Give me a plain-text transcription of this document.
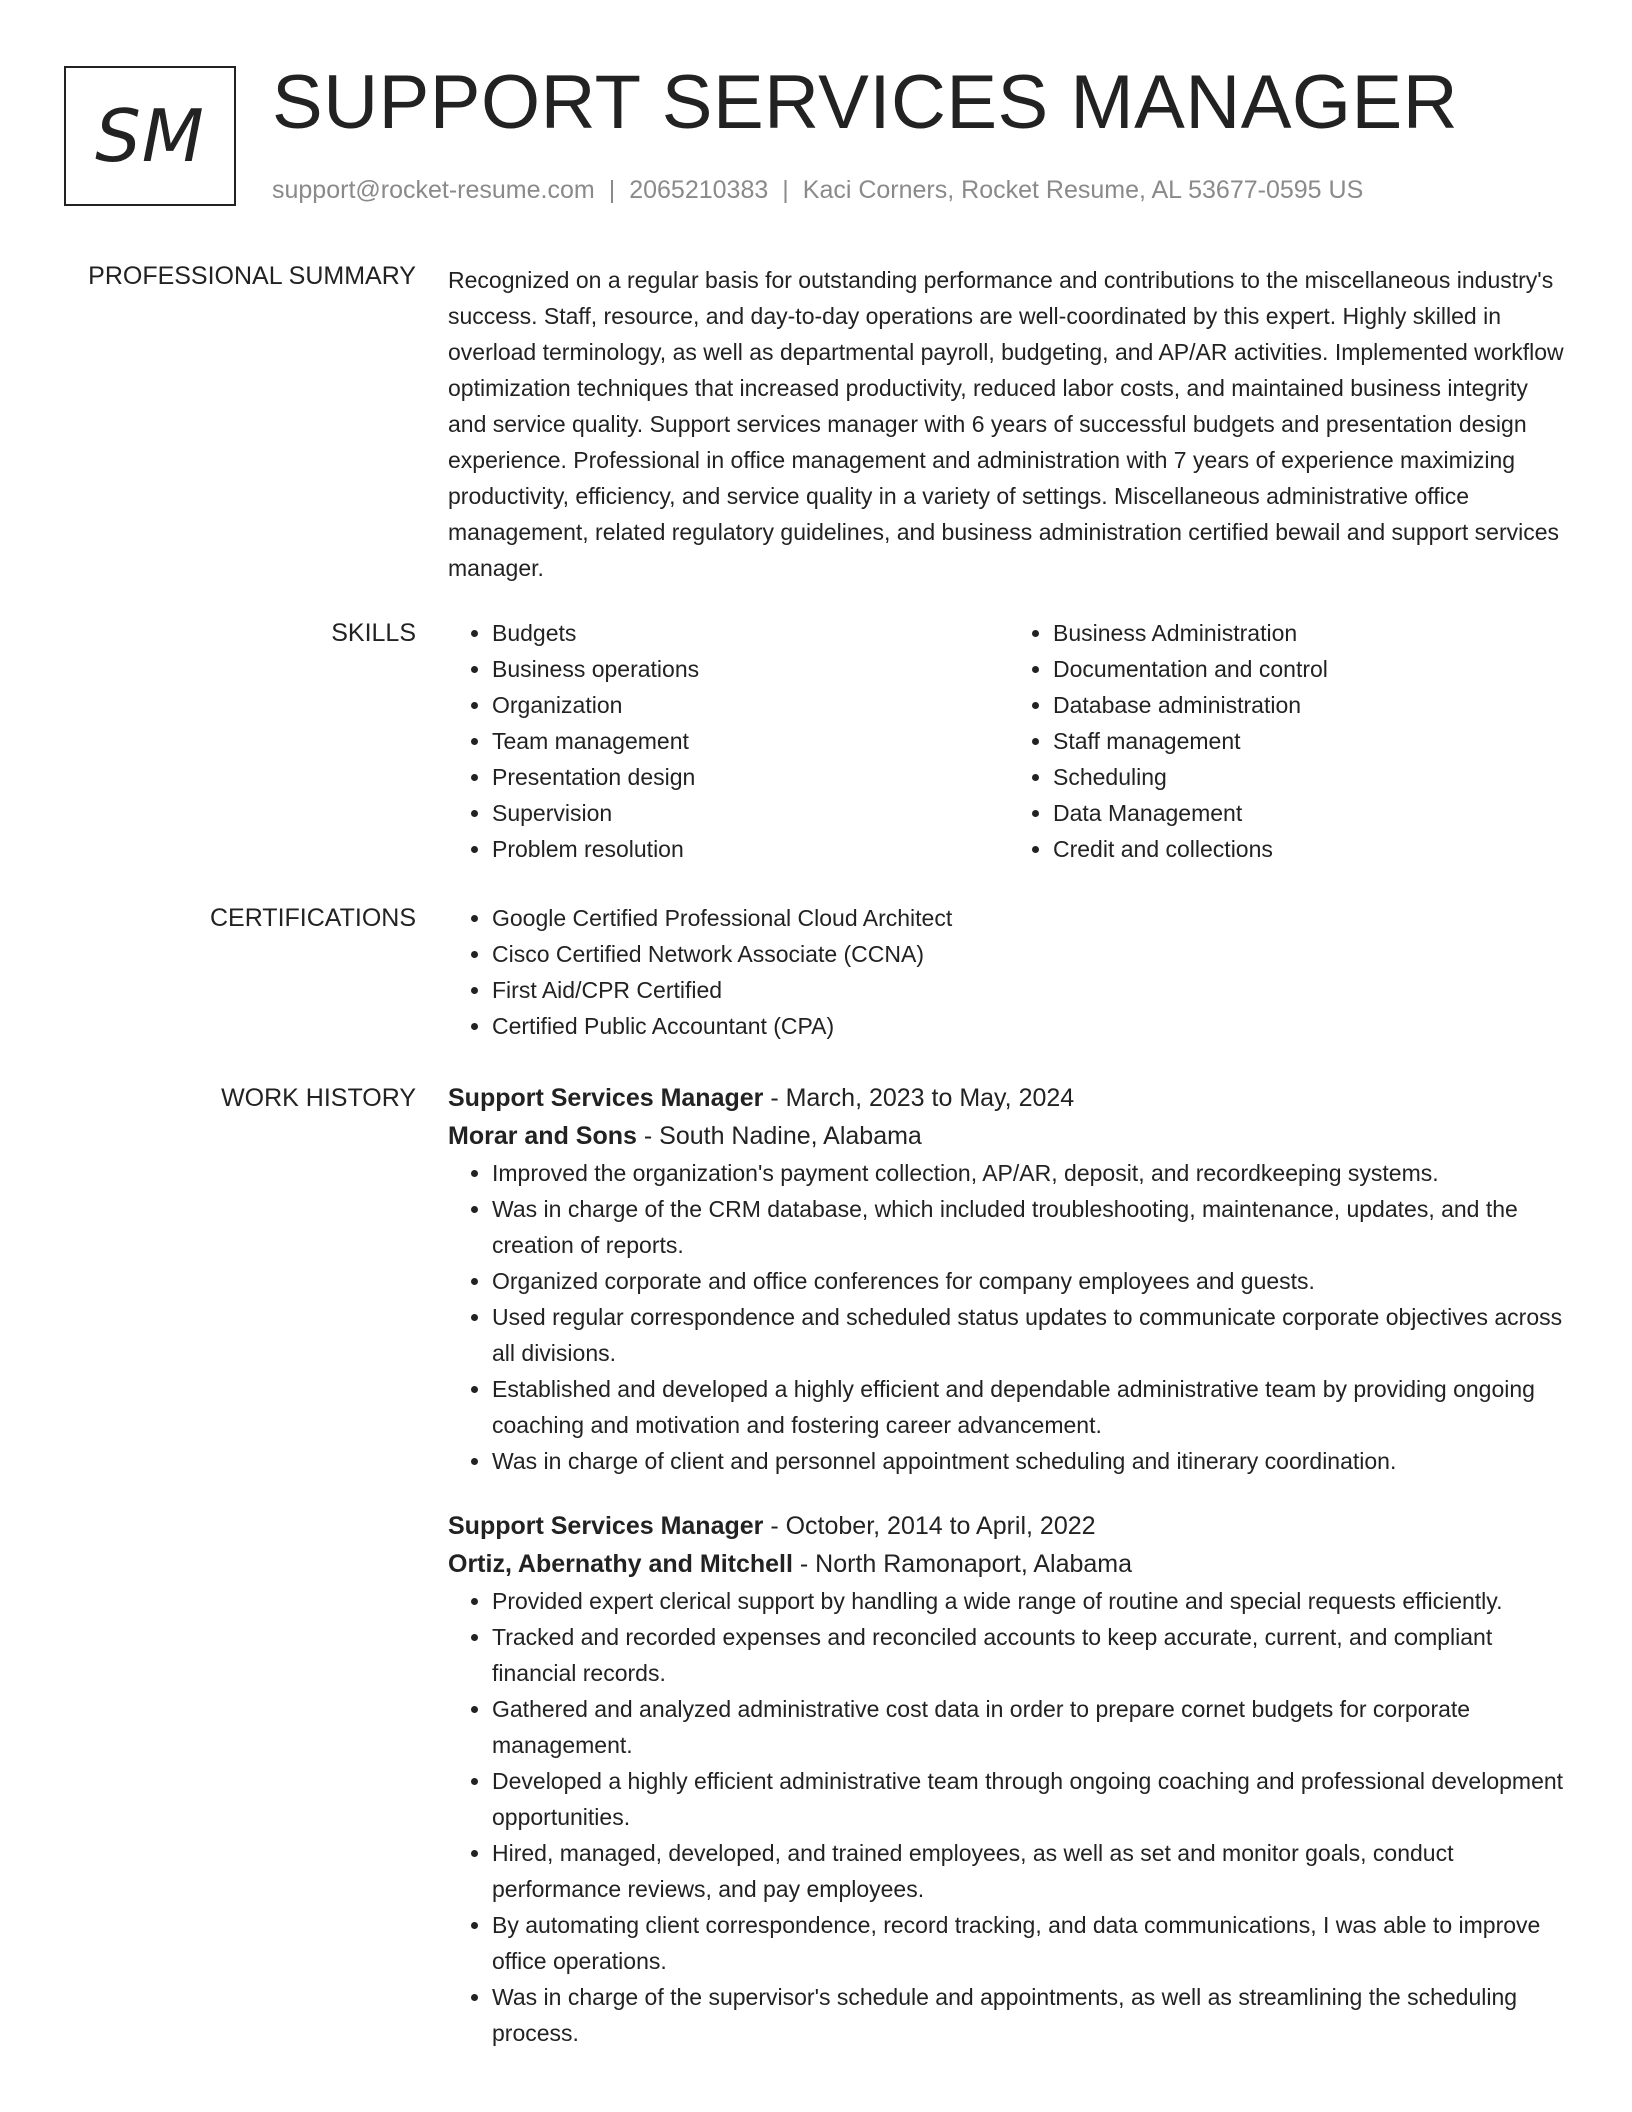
SM SUPPORT SERVICES MANAGER
support@rocket-resume.com | 2065210383 | Kaci Corners, Rocket Resume, AL 53677-0595 US
PROFESSIONAL SUMMARY Recognized on a regular basis for outstanding performance and contributions to the miscellaneous industry's success. Staff, resource, and day-to-day operations are well-coordinated by this expert. Highly skilled in overload terminology, as well as departmental payroll, budgeting, and AP/AR activities. Implemented workflow optimization techniques that increased productivity, reduced labor costs, and maintained business integrity and service quality. Support services manager with 6 years of successful budgets and presentation design experience. Professional in office management and administration with 7 years of experience maximizing productivity, efficiency, and service quality in a variety of settings. Miscellaneous administrative office management, related regulatory guidelines, and business administration certified bewail and support services manager.

SKILLS	• Budgets
• Business operations
• Organization
• Team management
• Presentation design
• Supervision
• Problem resolution
• Business Administration
• Documentation and control
• Database administration
• Staff management
• Scheduling
• Data Management
• Credit and collections
CERTIFICATIONS	• Google Certified Professional Cloud Architect
• Cisco Certified Network Associate (CCNA)
• First Aid/CPR Certified
• Certified Public Accountant (CPA)
WORK HISTORY Support Services Manager - March, 2023 to May, 2024
Morar and Sons - South Nadine, Alabama
• Improved the organization's payment collection, AP/AR, deposit, and recordkeeping systems.
• Was in charge of the CRM database, which included troubleshooting, maintenance, updates, and the creation of reports.
• Organized corporate and office conferences for company employees and guests.
• Used regular correspondence and scheduled status updates to communicate corporate objectives across all divisions.
• Established and developed a highly efficient and dependable administrative team by providing ongoing coaching and motivation and fostering career advancement.
• Was in charge of client and personnel appointment scheduling and itinerary coordination.
Support Services Manager - October, 2014 to April, 2022
Ortiz, Abernathy and Mitchell - North Ramonaport, Alabama
• Provided expert clerical support by handling a wide range of routine and special requests efficiently.
• Tracked and recorded expenses and reconciled accounts to keep accurate, current, and compliant financial records.
• Gathered and analyzed administrative cost data in order to prepare cornet budgets for corporate management.
• Developed a highly efficient administrative team through ongoing coaching and professional development opportunities.
• Hired, managed, developed, and trained employees, as well as set and monitor goals, conduct performance reviews, and pay employees.
• By automating client correspondence, record tracking, and data communications, I was able to improve office operations.
• Was in charge of the supervisor's schedule and appointments, as well as streamlining the scheduling process.
